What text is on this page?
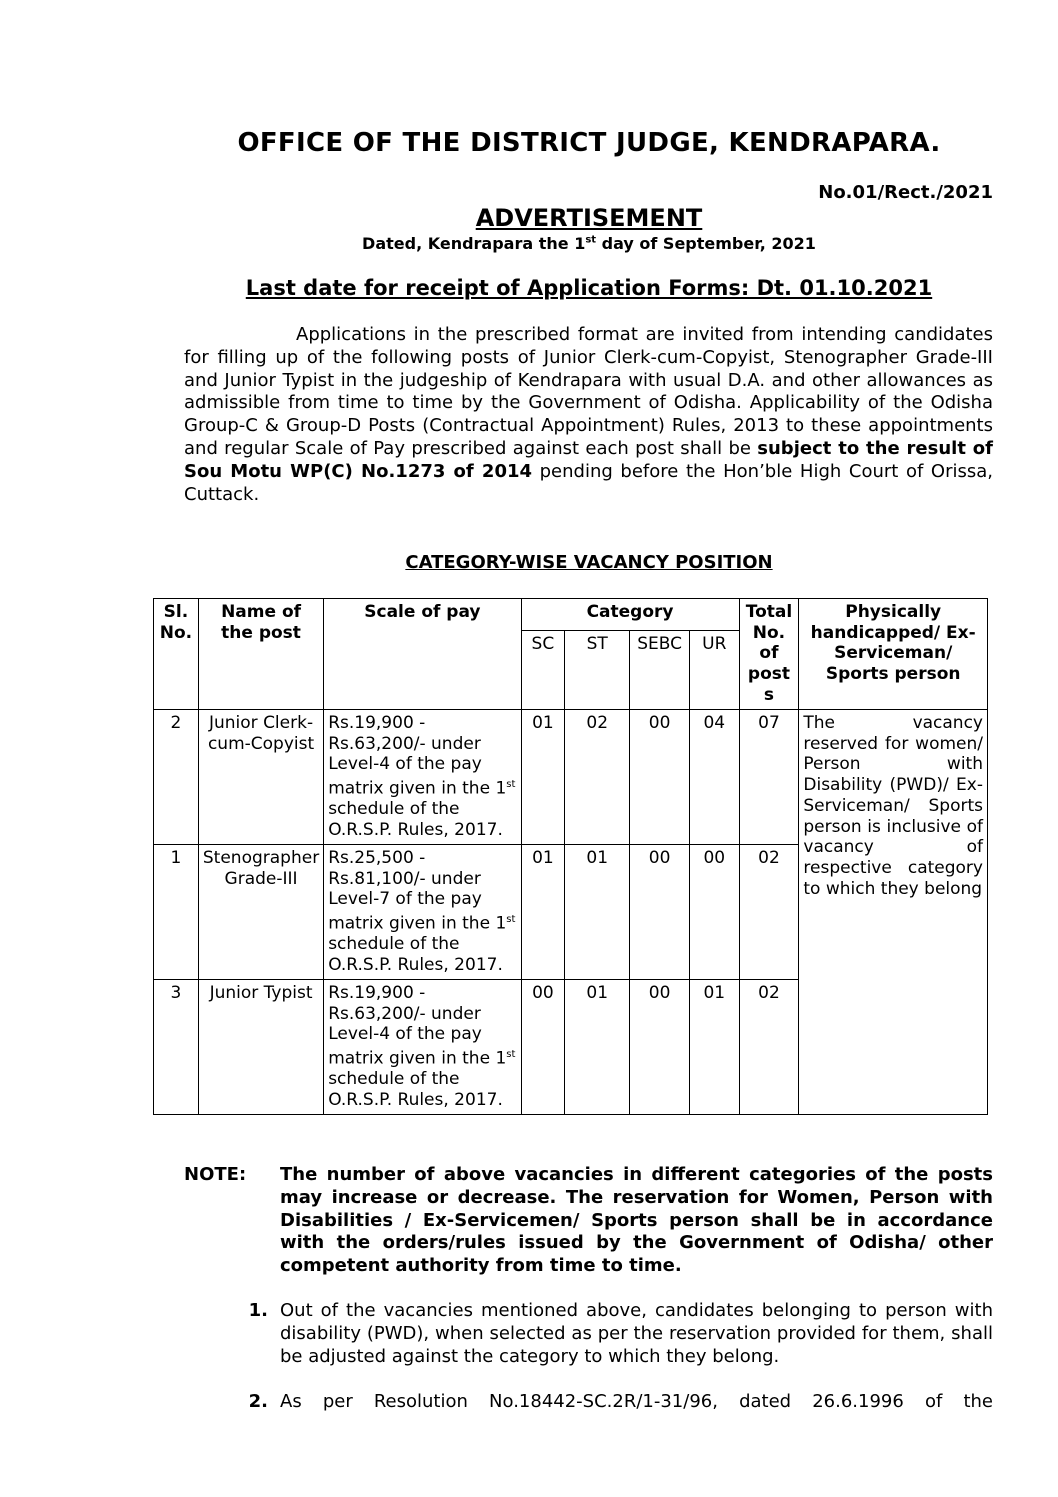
OFFICE OF THE DISTRICT JUDGE, KENDRAPARA.
No.01/Rect./2021
ADVERTISEMENT
Dated, Kendrapara the 1st day of September, 2021
Last date for receipt of Application Forms: Dt. 01.10.2021
Applications in the prescribed format are invited from intending candidates for filling up of the following posts of Junior Clerk-cum-Copyist, Stenographer Grade-III and Junior Typist in the judgeship of Kendrapara with usual D.A. and other allowances as admissible from time to time by the Government of Odisha. Applicability of the Odisha Group-C & Group-D Posts (Contractual Appointment) Rules, 2013 to these appointments and regular Scale of Pay prescribed against each post shall be subject to the result of Sou Motu WP(C) No.1273 of 2014 pending before the Hon’ble High Court of Orissa, Cuttack.
CATEGORY-WISE VACANCY POSITION
Sl. No.	Name of the post	Scale of pay	Category				Total No. of post s	Physically handicapped/ Ex-Serviceman/ Sports person
			SC	ST	SEBC	UR		
2	Junior Clerk-cum-Copyist	Rs.19,900 - Rs.63,200/- under Level-4 of the pay matrix given in the 1st schedule of the O.R.S.P. Rules, 2017.	01	02	00	04	07	The vacancy reserved for women/ Person with Disability (PWD)/ Ex-Serviceman/ Sports person is inclusive of vacancy of respective category to which they belong
1	Stenographer Grade-III	Rs.25,500 - Rs.81,100/- under Level-7 of the pay matrix given in the 1st schedule of the O.R.S.P. Rules, 2017.	01	01	00	00	02	
3	Junior Typist	Rs.19,900 - Rs.63,200/- under Level-4 of the pay matrix given in the 1st schedule of the O.R.S.P. Rules, 2017.	00	01	00	01	02	
NOTE: The number of above vacancies in different categories of the posts may increase or decrease. The reservation for Women, Person with Disabilities / Ex-Servicemen/ Sports person shall be in accordance with the orders/rules issued by the Government of Odisha/ other competent authority from time to time.
1. Out of the vacancies mentioned above, candidates belonging to person with disability (PWD), when selected as per the reservation provided for them, shall be adjusted against the category to which they belong.
2. As per Resolution No.18442-SC.2R/1-31/96, dated 26.6.1996 of the
